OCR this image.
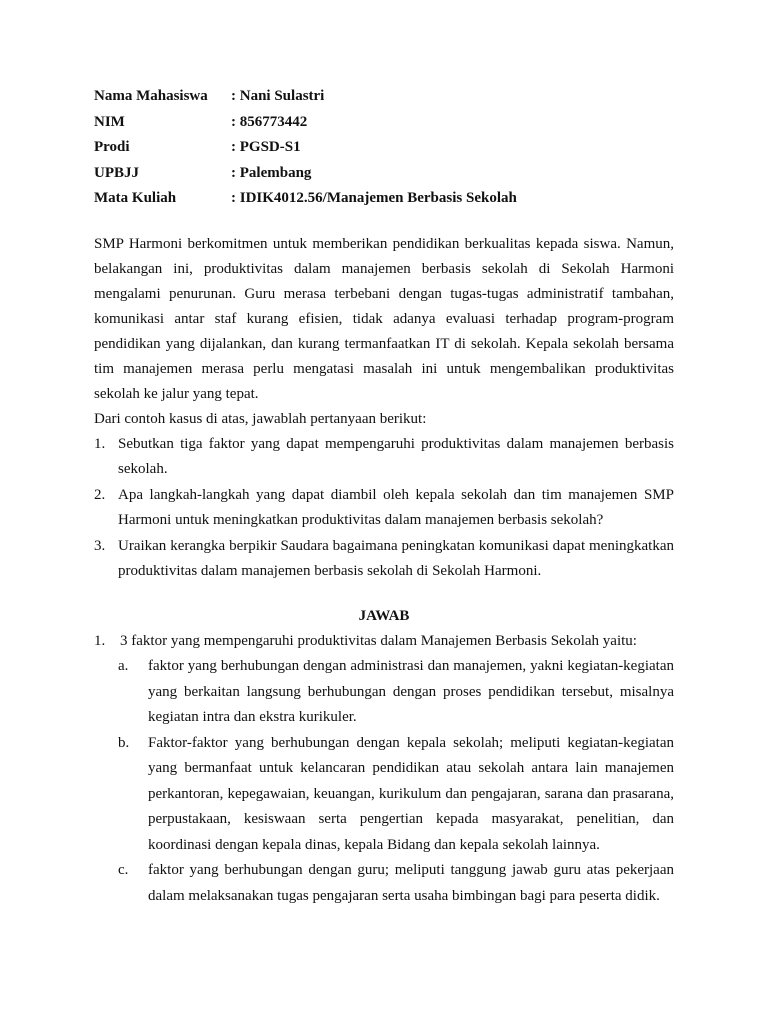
Nama Mahasiswa	: Nani Sulastri
NIM	: 856773442
Prodi	: PGSD-S1
UPBJJ	: Palembang
Mata Kuliah	: IDIK4012.56/Manajemen Berbasis Sekolah
SMP Harmoni berkomitmen untuk memberikan pendidikan berkualitas kepada siswa. Namun, belakangan ini, produktivitas dalam manajemen berbasis sekolah di Sekolah Harmoni mengalami penurunan. Guru merasa terbebani dengan tugas-tugas administratif tambahan, komunikasi antar staf kurang efisien, tidak adanya evaluasi terhadap program-program pendidikan yang dijalankan, dan kurang termanfaatkan IT di sekolah. Kepala sekolah bersama tim manajemen merasa perlu mengatasi masalah ini untuk mengembalikan produktivitas sekolah ke jalur yang tepat.
Dari contoh kasus di atas, jawablah pertanyaan berikut:
1. Sebutkan tiga faktor yang dapat mempengaruhi produktivitas dalam manajemen berbasis sekolah.
2. Apa langkah-langkah yang dapat diambil oleh kepala sekolah dan tim manajemen SMP Harmoni untuk meningkatkan produktivitas dalam manajemen berbasis sekolah?
3. Uraikan kerangka berpikir Saudara bagaimana peningkatan komunikasi dapat meningkatkan produktivitas dalam manajemen berbasis sekolah di Sekolah Harmoni.
JAWAB
1. 3 faktor yang mempengaruhi produktivitas dalam Manajemen Berbasis Sekolah yaitu:
a.	faktor yang berhubungan dengan administrasi dan manajemen, yakni kegiatan-kegiatan yang berkaitan langsung berhubungan dengan proses pendidikan tersebut, misalnya kegiatan intra dan ekstra kurikuler.
b.	Faktor-faktor yang berhubungan dengan kepala sekolah; meliputi kegiatan-kegiatan yang bermanfaat untuk kelancaran pendidikan atau sekolah antara lain manajemen perkantoran, kepegawaian, keuangan, kurikulum dan pengajaran, sarana dan prasarana, perpustakaan, kesiswaan serta pengertian kepada masyarakat, penelitian, dan koordinasi dengan kepala dinas, kepala Bidang dan kepala sekolah lainnya.
c.	faktor yang berhubungan dengan guru; meliputi tanggung jawab guru atas pekerjaan dalam melaksanakan tugas pengajaran serta usaha bimbingan bagi para peserta didik.
